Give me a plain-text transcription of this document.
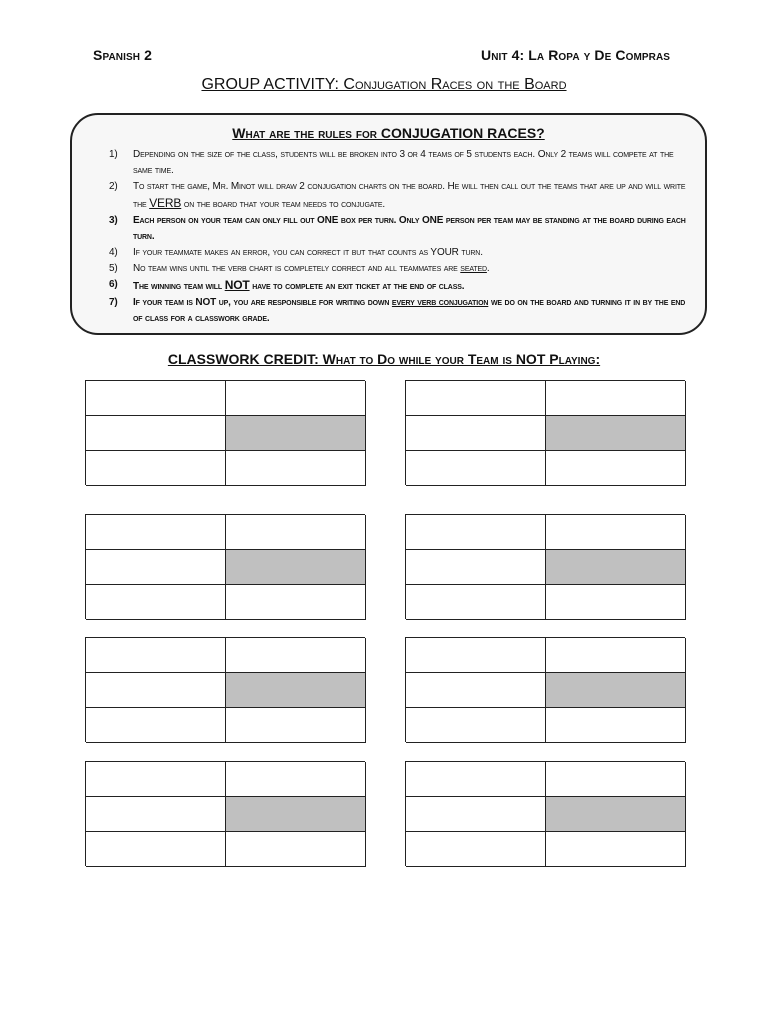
Spanish 2	Unit 4: La Ropa y De Compras
GROUP ACTIVITY: Conjugation Races on the Board
What are the rules for CONJUGATION RACES?
1) Depending on the size of the class, students will be broken into 3 or 4 teams of 5 students each. Only 2 teams will compete at the same time.
2) To start the game, Mr. Minot will draw 2 conjugation charts on the board. He will then call out the teams that are up and will write the VERB on the board that your team needs to conjugate.
3) Each person on your team can only fill out ONE box per turn. Only ONE person per team may be standing at the board during each turn.
4) If your teammate makes an error, you can correct it but that counts as YOUR turn.
5) No team wins until the verb chart is completely correct and all teammates are seated.
6) The winning team will NOT have to complete an exit ticket at the end of class.
7) If your team is NOT up, you are responsible for writing down every verb conjugation we do on the board and turning it in by the end of class for a classwork grade.
CLASSWORK CREDIT: What to Do while your Team is NOT Playing:
